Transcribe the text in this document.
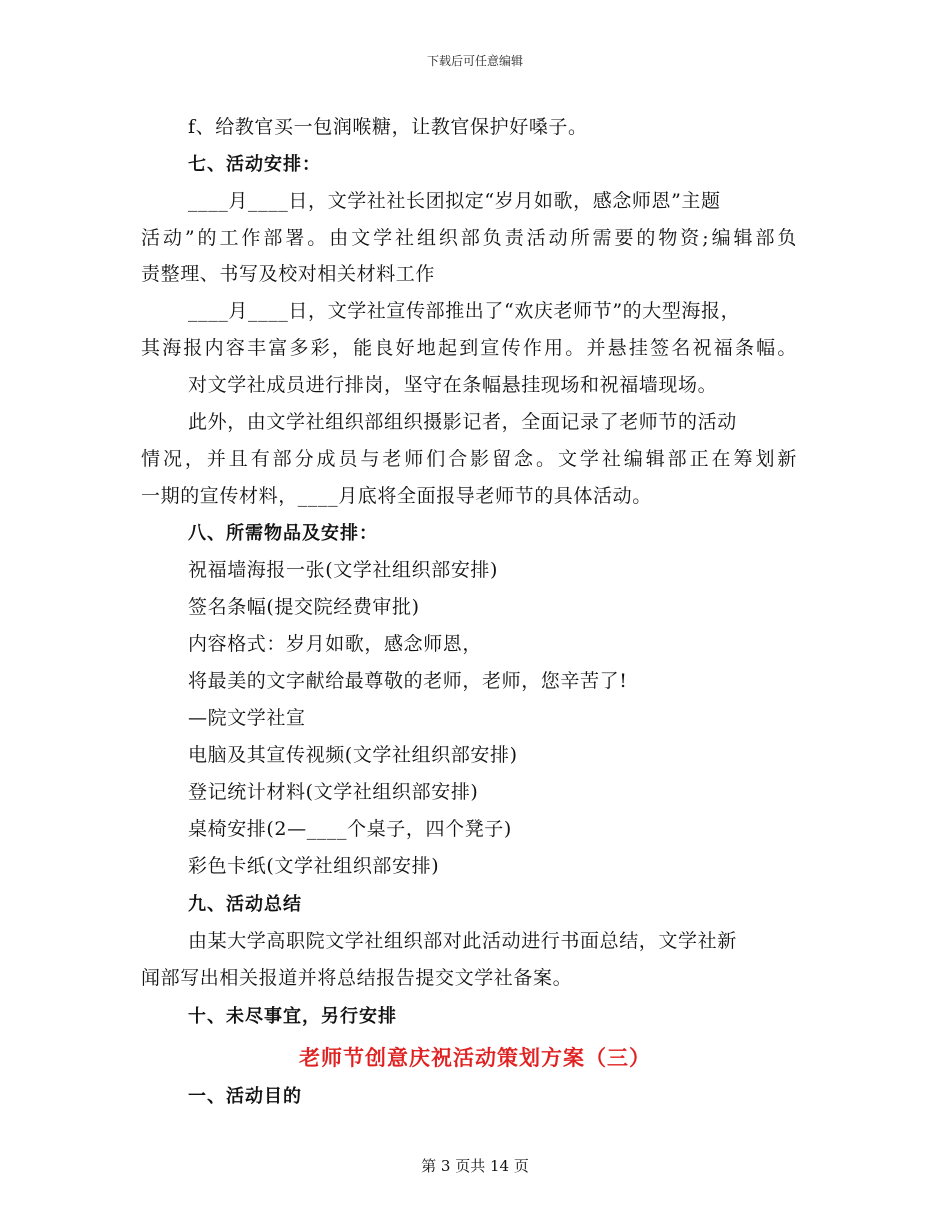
下载后可任意编辑
f、给教官买一包润喉糖，让教官保护好嗓子。
七、活动安排：
____月____日，文学社社长团拟定“岁月如歌，感念师恩”主题
活动”的工作部署。由文学社组织部负责活动所需要的物资;编辑部负
责整理、书写及校对相关材料工作
____月____日，文学社宣传部推出了“欢庆老师节”的大型海报，
其海报内容丰富多彩，能良好地起到宣传作用。并悬挂签名祝福条幅。
对文学社成员进行排岗，坚守在条幅悬挂现场和祝福墙现场。
此外，由文学社组织部组织摄影记者，全面记录了老师节的活动
情况，并且有部分成员与老师们合影留念。文学社编辑部正在筹划新
一期的宣传材料，____月底将全面报导老师节的具体活动。
八、所需物品及安排：
祝福墙海报一张(文学社组织部安排)
签名条幅(提交院经费审批)
内容格式：岁月如歌，感念师恩，
将最美的文字献给最尊敬的老师，老师，您辛苦了!
—院文学社宣
电脑及其宣传视频(文学社组织部安排)
登记统计材料(文学社组织部安排)
桌椅安排(2—____个桌子，四个凳子)
彩色卡纸(文学社组织部安排)
九、活动总结
由某大学高职院文学社组织部对此活动进行书面总结，文学社新
闻部写出相关报道并将总结报告提交文学社备案。
十、未尽事宜，另行安排
老师节创意庆祝活动策划方案（三）
一、活动目的
第 3 页共 14 页
